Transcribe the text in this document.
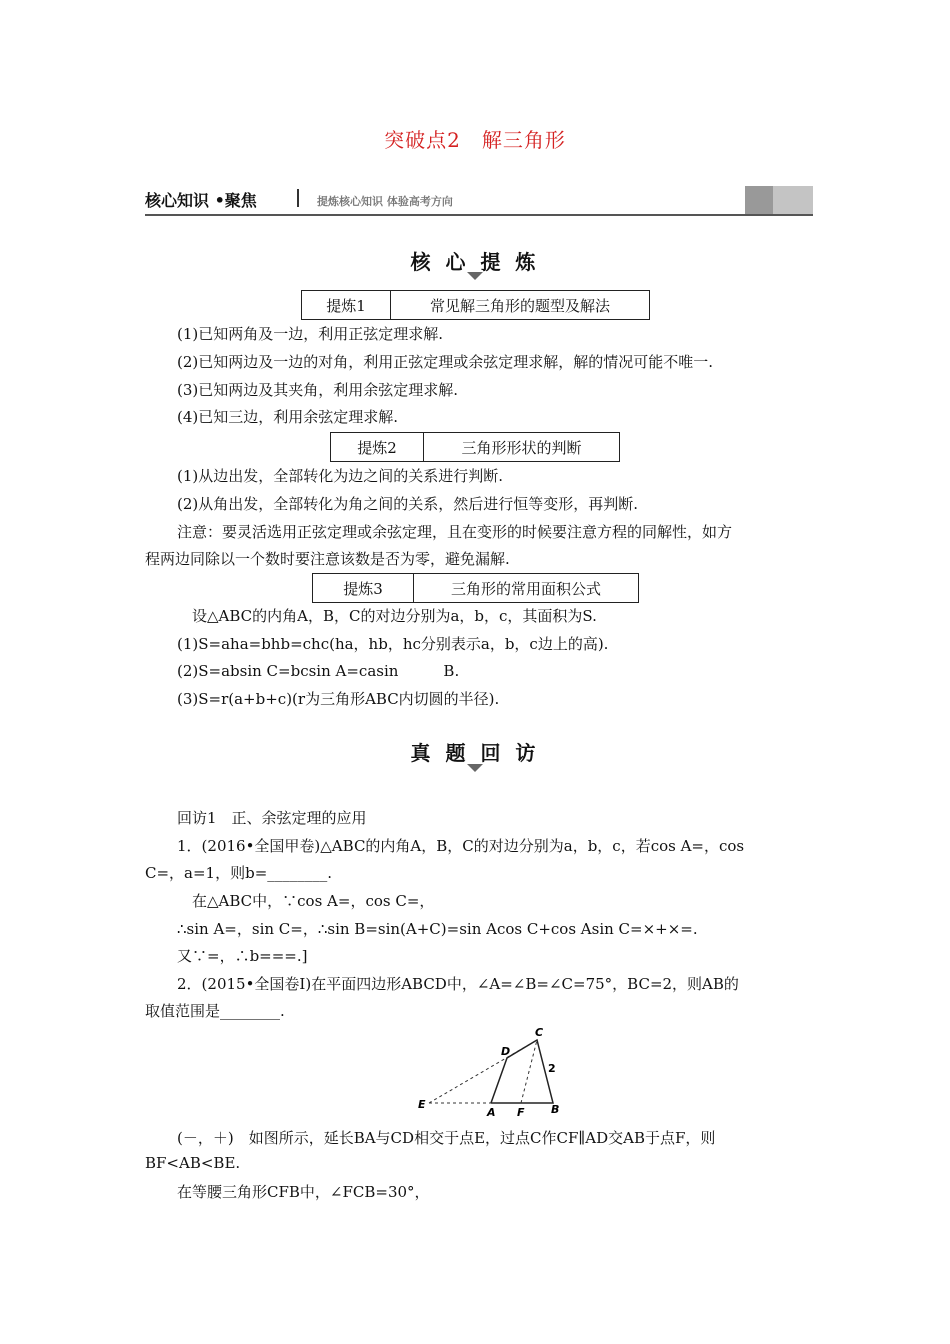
突破点2　解三角形
核心知识 •聚焦	提炼核心知识 体验高考方向
核 心 提 炼
提炼1	常见解三角形的题型及解法
(1)已知两角及一边，利用正弦定理求解.
(2)已知两边及一边的对角，利用正弦定理或余弦定理求解，解的情况可能不唯一.
(3)已知两边及其夹角，利用余弦定理求解.
(4)已知三边，利用余弦定理求解.
提炼2	三角形形状的判断
(1)从边出发，全部转化为边之间的关系进行判断.
(2)从角出发，全部转化为角之间的关系，然后进行恒等变形，再判断.
注意：要灵活选用正弦定理或余弦定理，且在变形的时候要注意方程的同解性，如方
程两边同除以一个数时要注意该数是否为零，避免漏解.
提炼3	三角形的常用面积公式
设△ABC的内角A，B，C的对边分别为a，b，c，其面积为S.
(1)S=aha=bhb=chc(ha，hb，hc分别表示a，b，c边上的高).
(2)S=absin C=bcsin A=casin　　　B.
(3)S=r(a+b+c)(r为三角形ABC内切圆的半径).
真 题 回 访
回访1　正、余弦定理的应用
1．(2016•全国甲卷)△ABC的内角A，B，C的对边分别为a，b，c，若cos A=，cos
C=，a=1，则b=________.
在△ABC中，∵cos A=，cos C=，
∴sin A=，sin C=，∴sin B=sin(A+C)=sin Acos C+cos Asin C=×+×=.
又∵=，∴b===.]
2．(2015•全国卷Ⅰ)在平面四边形ABCD中，∠A=∠B=∠C=75°，BC=2，则AB的
取值范围是________.
D
C
2
E
A F B
(－，＋)　如图所示，延长BA与CD相交于点E，过点C作CF∥AD交AB于点F，则
BF<AB<BE.
在等腰三角形CFB中，∠FCB=30°，
